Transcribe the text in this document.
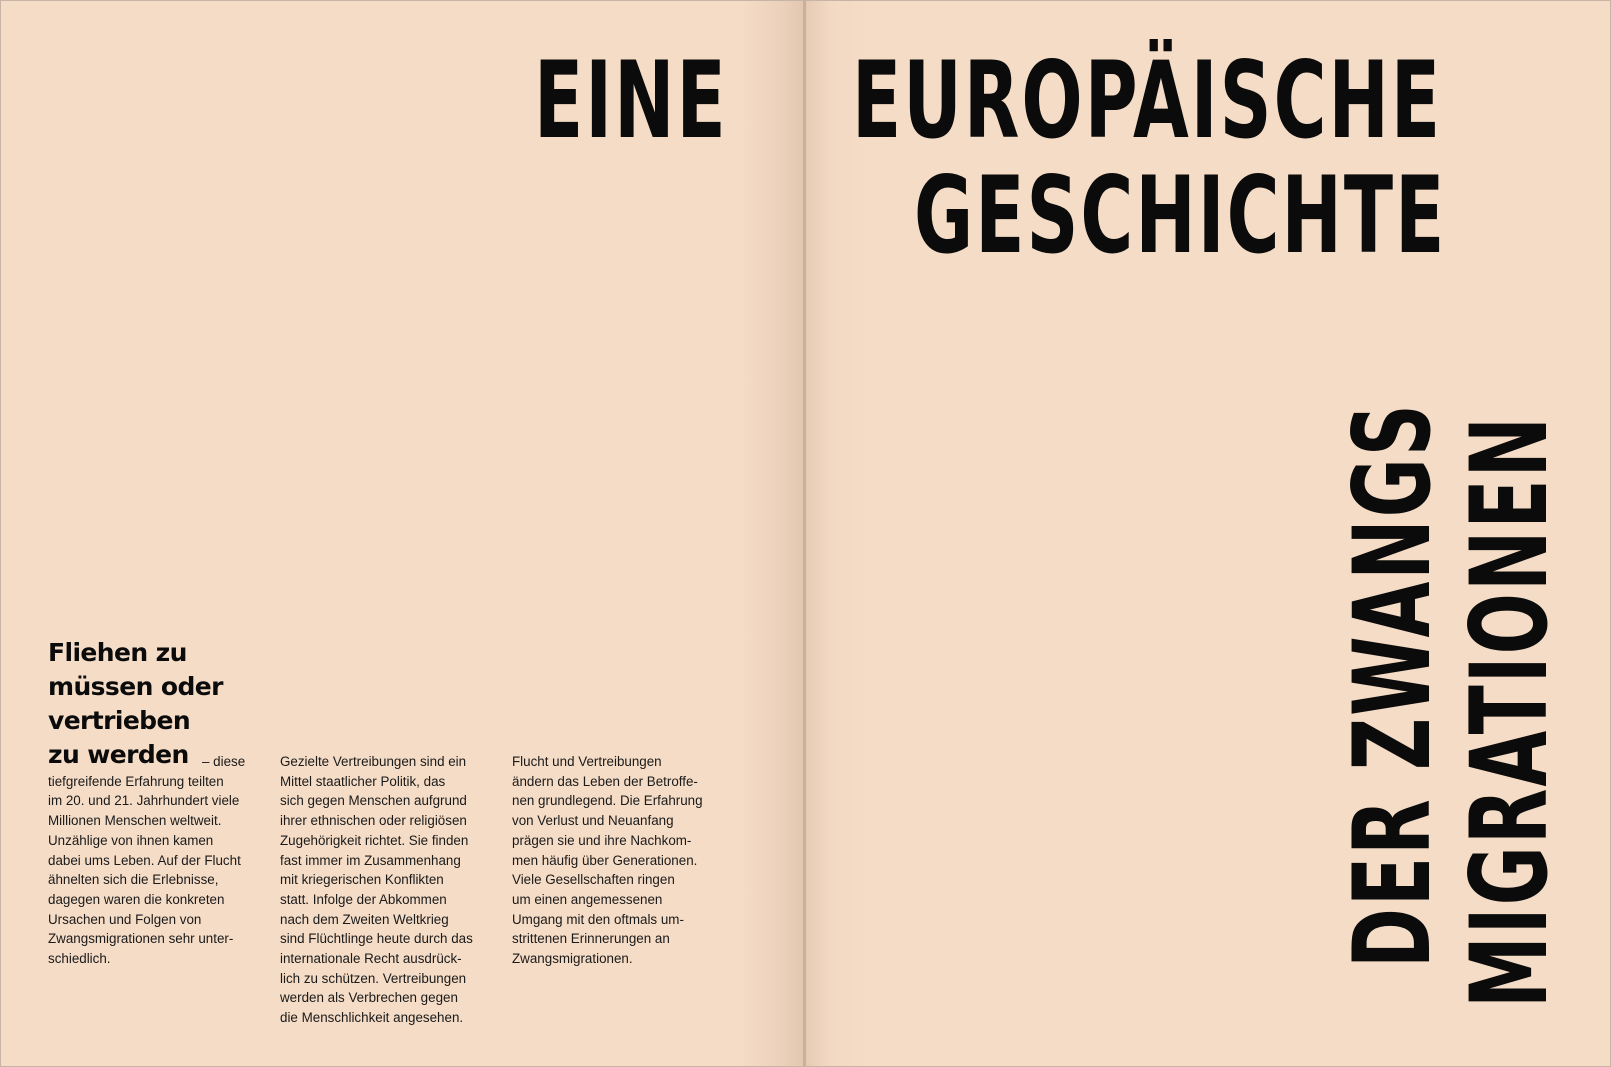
EINE EUROPÄISCHE
GESCHICHTE
DER ZWANGS
MIGRATIONEN
Fliehen zu
müssen oder
vertrieben
zu werden – diese
tiefgreifende Erfahrung teilten
im 20. und 21. Jahrhundert viele
Millionen Menschen weltweit.
Unzählige von ihnen kamen
dabei ums Leben. Auf der Flucht
ähnelten sich die Erlebnisse,
dagegen waren die konkreten
Ursachen und Folgen von
Zwangsmigrationen sehr unter-
schiedlich.
Gezielte Vertreibungen sind ein
Mittel staatlicher Politik, das
sich gegen Menschen aufgrund
ihrer ethnischen oder religiösen
Zugehörigkeit richtet. Sie finden
fast immer im Zusammenhang
mit kriegerischen Konflikten
statt. Infolge der Abkommen
nach dem Zweiten Weltkrieg
sind Flüchtlinge heute durch das
internationale Recht ausdrück-
lich zu schützen. Vertreibungen
werden als Verbrechen gegen
die Menschlichkeit angesehen.
Flucht und Vertreibungen
ändern das Leben der Betroffe-
nen grundlegend. Die Erfahrung
von Verlust und Neuanfang
prägen sie und ihre Nachkom-
men häufig über Generationen.
Viele Gesellschaften ringen
um einen angemessenen
Umgang mit den oftmals um-
strittenen Erinnerungen an
Zwangsmigrationen.
